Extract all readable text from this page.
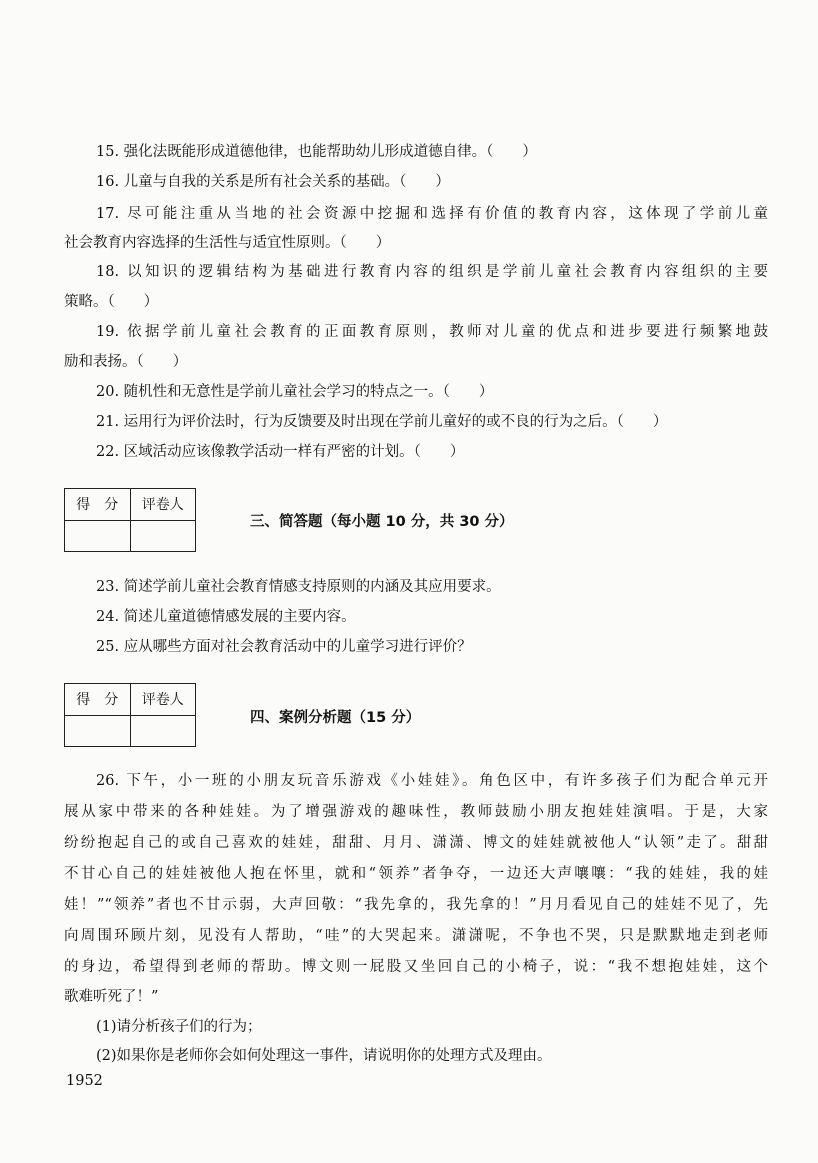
15. 强化法既能形成道德他律，也能帮助幼儿形成道德自律。（　　）
16. 儿童与自我的关系是所有社会关系的基础。（　　）
17. 尽可能注重从当地的社会资源中挖掘和选择有价值的教育内容，这体现了学前儿童
社会教育内容选择的生活性与适宜性原则。（　　）
18. 以知识的逻辑结构为基础进行教育内容的组织是学前儿童社会教育内容组织的主要
策略。（　　）
19. 依据学前儿童社会教育的正面教育原则，教师对儿童的优点和进步要进行频繁地鼓
励和表扬。（　　）
20. 随机性和无意性是学前儿童社会学习的特点之一。（　　）
21. 运用行为评价法时，行为反馈要及时出现在学前儿童好的或不良的行为之后。（　　）
22. 区域活动应该像教学活动一样有严密的计划。（　　）
得　分	评卷人

三、简答题（每小题 10 分，共 30 分）
23. 简述学前儿童社会教育情感支持原则的内涵及其应用要求。
24. 简述儿童道德情感发展的主要内容。
25. 应从哪些方面对社会教育活动中的儿童学习进行评价？
得　分	评卷人

四、案例分析题（15 分）
26. 下午，小一班的小朋友玩音乐游戏《小娃娃》。角色区中，有许多孩子们为配合单元开
展从家中带来的各种娃娃。为了增强游戏的趣味性，教师鼓励小朋友抱娃娃演唱。于是，大家
纷纷抱起自己的或自己喜欢的娃娃，甜甜、月月、潇潇、博文的娃娃就被他人“认领”走了。甜甜
不甘心自己的娃娃被他人抱在怀里，就和“领养”者争夺，一边还大声嚷嚷：“我的娃娃，我的娃
娃！”“领养”者也不甘示弱，大声回敬：“我先拿的，我先拿的！”月月看见自己的娃娃不见了，先
向周围环顾片刻，见没有人帮助，“哇”的大哭起来。潇潇呢，不争也不哭，只是默默地走到老师
的身边，希望得到老师的帮助。博文则一屁股又坐回自己的小椅子，说：“我不想抱娃娃，这个
歌难听死了！”
(1)请分析孩子们的行为；
(2)如果你是老师你会如何处理这一事件，请说明你的处理方式及理由。
1952
